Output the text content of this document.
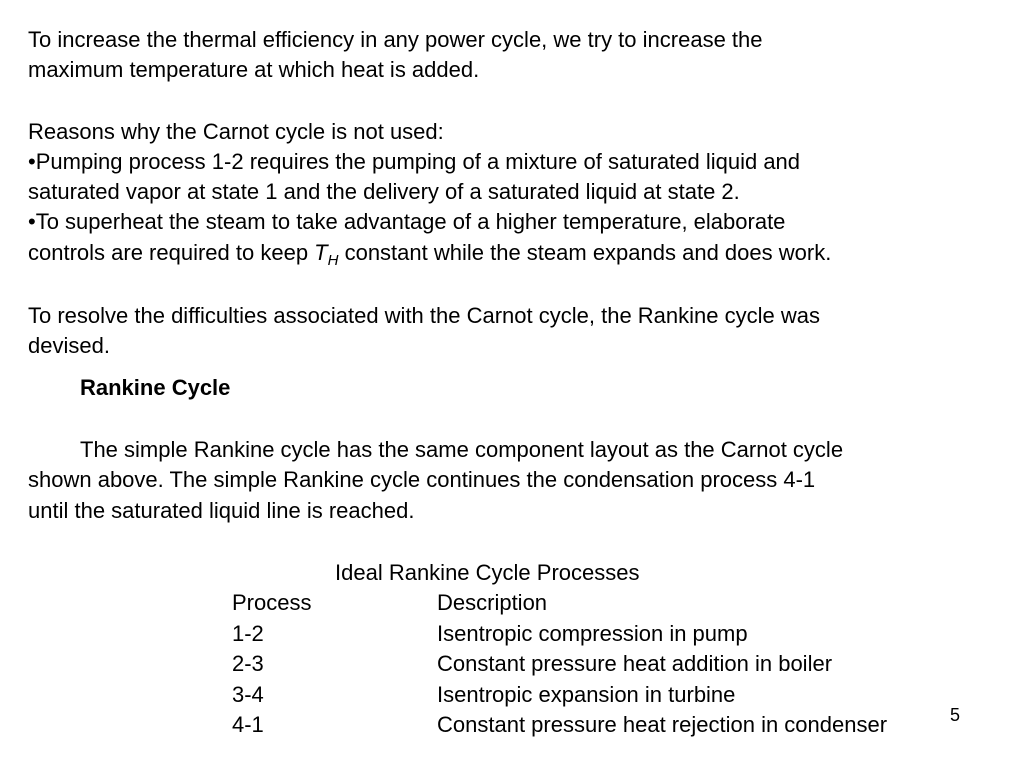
To increase the thermal efficiency in any power cycle, we try to increase the
maximum temperature at which heat is added.
Reasons why the Carnot cycle is not used:
•Pumping process 1-2 requires the pumping of a mixture of saturated liquid and
saturated vapor at state 1 and the delivery of a saturated liquid at state 2.
•To superheat the steam to take advantage of a higher temperature, elaborate
controls are required to keep $T_H$ constant while the steam expands and does work.
To resolve the difficulties associated with the Carnot cycle, the Rankine cycle was
devised.
Rankine Cycle
The simple Rankine cycle has the same component layout as the Carnot cycle
shown above. The simple Rankine cycle continues the condensation process 4-1
until the saturated liquid line is reached.
Ideal Rankine Cycle Processes
Process	Description
1-2	Isentropic compression in pump
2-3	Constant pressure heat addition in boiler
3-4	Isentropic expansion in turbine
4-1	Constant pressure heat rejection in condenser	5
